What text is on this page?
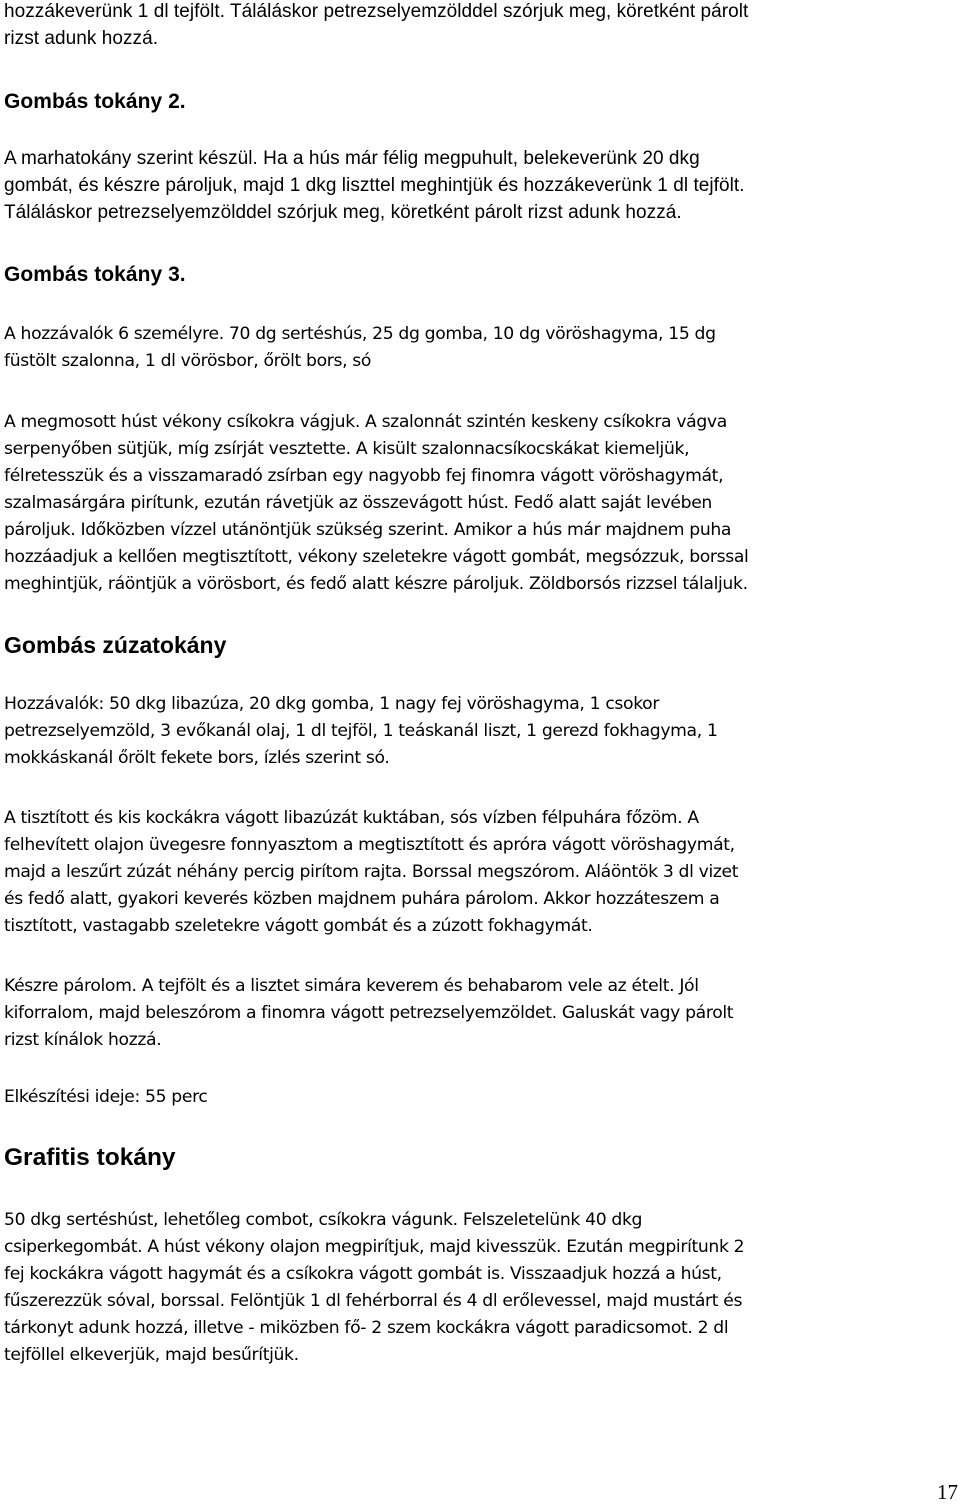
hozzákeverünk 1 dl tejfölt. Táláláskor petrezselyemzölddel szórjuk meg, köretként párolt
rizst adunk hozzá.
Gombás tokány 2.
A marhatokány szerint készül. Ha a hús már félig megpuhult, belekeverünk 20 dkg
gombát, és készre pároljuk, majd 1 dkg liszttel meghintjük és hozzákeverünk 1 dl tejfölt.
Táláláskor petrezselyemzölddel szórjuk meg, köretként párolt rizst adunk hozzá.
Gombás tokány 3.
A hozzávalók 6 személyre. 70 dg sertéshús, 25 dg gomba, 10 dg vöröshagyma, 15 dg
füstölt szalonna, 1 dl vörösbor, őrölt bors, só
A megmosott húst vékony csíkokra vágjuk. A szalonnát szintén keskeny csíkokra vágva
serpenyőben sütjük, míg zsírját vesztette. A kisült szalonnacsíkocskákat kiemeljük,
félretesszük és a visszamaradó zsírban egy nagyobb fej finomra vágott vöröshagymát,
szalmasárgára pirítunk, ezután rávetjük az összevágott húst. Fedő alatt saját levében
pároljuk. Időközben vízzel utánöntjük szükség szerint. Amikor a hús már majdnem puha
hozzáadjuk a kellően megtisztított, vékony szeletekre vágott gombát, megsózzuk, borssal
meghintjük, ráöntjük a vörösbort, és fedő alatt készre pároljuk. Zöldborsós rizzsel tálaljuk.
Gombás zúzatokány
Hozzávalók: 50 dkg libazúza, 20 dkg gomba, 1 nagy fej vöröshagyma, 1 csokor
petrezselyemzöld, 3 evőkanál olaj, 1 dl tejföl, 1 teáskanál liszt, 1 gerezd fokhagyma, 1
mokkáskanál őrölt fekete bors, ízlés szerint só.
A tisztított és kis kockákra vágott libazúzát kuktában, sós vízben félpuhára főzöm. A
felhevített olajon üvegesre fonnyasztom a megtisztított és apróra vágott vöröshagymát,
majd a leszűrt zúzát néhány percig pirítom rajta. Borssal megszórom. Aláöntök 3 dl vizet
és fedő alatt, gyakori keverés közben majdnem puhára párolom. Akkor hozzáteszem a
tisztított, vastagabb szeletekre vágott gombát és a zúzott fokhagymát.
Készre párolom. A tejfölt és a lisztet simára keverem és behabarom vele az ételt. Jól
kiforralom, majd beleszórom a finomra vágott petrezselyemzöldet. Galuskát vagy párolt
rizst kínálok hozzá.
Elkészítési ideje: 55 perc
Grafitis tokány
50 dkg sertéshúst, lehetőleg combot, csíkokra vágunk. Felszeletelünk 40 dkg
csiperkegombát. A húst vékony olajon megpirítjuk, majd kivesszük. Ezután megpirítunk 2
fej kockákra vágott hagymát és a csíkokra vágott gombát is. Visszaadjuk hozzá a húst,
fűszerezzük sóval, borssal. Felöntjük 1 dl fehérborral és 4 dl erőlevessel, majd mustárt és
tárkonyt adunk hozzá, illetve - miközben fő- 2 szem kockákra vágott paradicsomot. 2 dl
tejföllel elkeverjük, majd besűrítjük.
17
